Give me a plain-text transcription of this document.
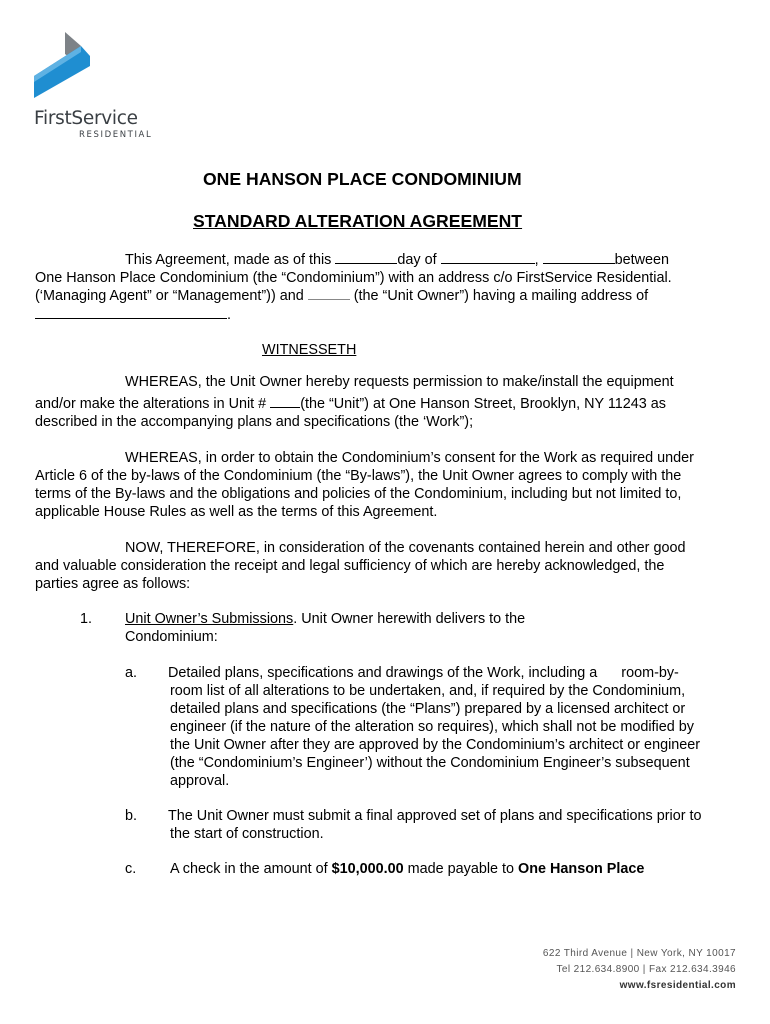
FirstService
RESIDENTIAL
ONE HANSON PLACE CONDOMINIUM
STANDARD ALTERATION AGREEMENT
This Agreement, made as of this	day of	,	between
One Hanson Place Condominium (the “Condominium”) with an address c/o FirstService Residential.
(‘Managing Agent” or “Management”)) and	(the “Unit Owner”) having a mailing address of
.
WITNESSETH
WHEREAS, the Unit Owner hereby requests permission to make/install the equipment
and/or make the alterations in Unit # (the “Unit”) at One Hanson Street, Brooklyn, NY 11243 as
described in the accompanying plans and specifications (the ‘Work”);
WHEREAS, in order to obtain the Condominium’s consent for the Work as required under
Article 6 of the by-laws of the Condominium (the “By-laws”), the Unit Owner agrees to comply with the
terms of the By-laws and the obligations and policies of the Condominium, including but not limited to,
applicable House Rules as well as the terms of this Agreement.
NOW, THEREFORE, in consideration of the covenants contained herein and other good
and valuable consideration the receipt and legal sufficiency of which are hereby acknowledged, the
parties agree as follows:
1. Unit Owner’s Submissions. Unit Owner herewith delivers to the
Condominium:
a. Detailed plans, specifications and drawings of the Work, including a      room-by-
room list of all alterations to be undertaken, and, if required by the Condominium,
detailed plans and specifications (the “Plans”) prepared by a licensed architect or
engineer (if the nature of the alteration so requires), which shall not be modified by
the Unit Owner after they are approved by the Condominium’s architect or engineer
(the “Condominium’s Engineer’) without the Condominium Engineer’s subsequent
approval.
b. The Unit Owner must submit a final approved set of plans and specifications prior to
the start of construction.
c. A check in the amount of $10,000.00 made payable to One Hanson Place
622 Third Avenue | New York, NY 10017
Tel 212.634.8900 | Fax 212.634.3946
www.fsresidential.com
